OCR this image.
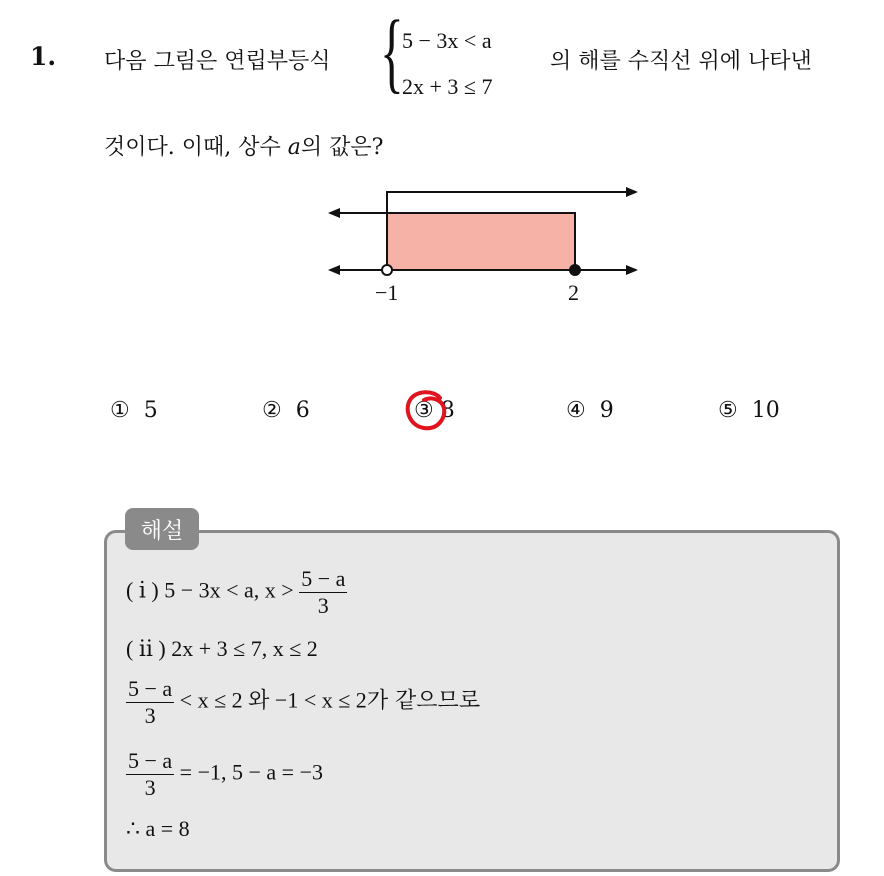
1. 다음 그림은 연립부등식 {
5 − 3x < a
2x + 3 ≤ 7
의 해를 수직선 위에 나타낸
것이다. 이때, 상수 a의 값은?
−1	2
① 5	② 6	③ 8	④ 9	⑤ 10
해설
( ⅰ ) 5 − 3x < a, $x > \frac{5 - a}{3}$
( ⅱ ) 2x + 3 ≤ 7, x ≤ 2
$\frac{5 - a}{3} < x \le 2$ 와 −1 < x ≤ 2가 같으므로
$\frac{5 - a}{3} = -1$, 5 − a = −3
∴ a = 8
